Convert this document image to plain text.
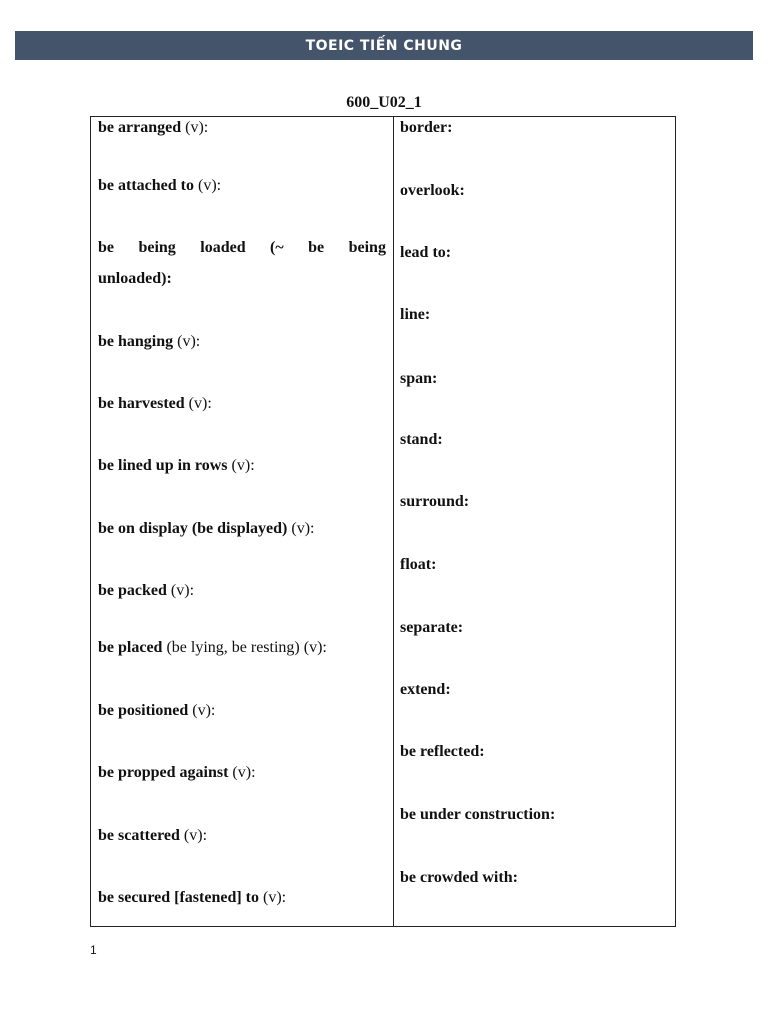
TOEIC TIẾN CHUNG
600_U02_1
be arranged (v):
be attached to (v):
be being loaded (~ be being
unloaded):
be hanging (v):
be harvested (v):
be lined up in rows (v):
be on display (be displayed) (v):
be packed (v):
be placed (be lying, be resting) (v):
be positioned (v):
be propped against (v):
be scattered (v):
be secured [fastened] to (v):
border:
overlook:
lead to:
line:
span:
stand:
surround:
float:
separate:
extend:
be reflected:
be under construction:
be crowded with:
1
